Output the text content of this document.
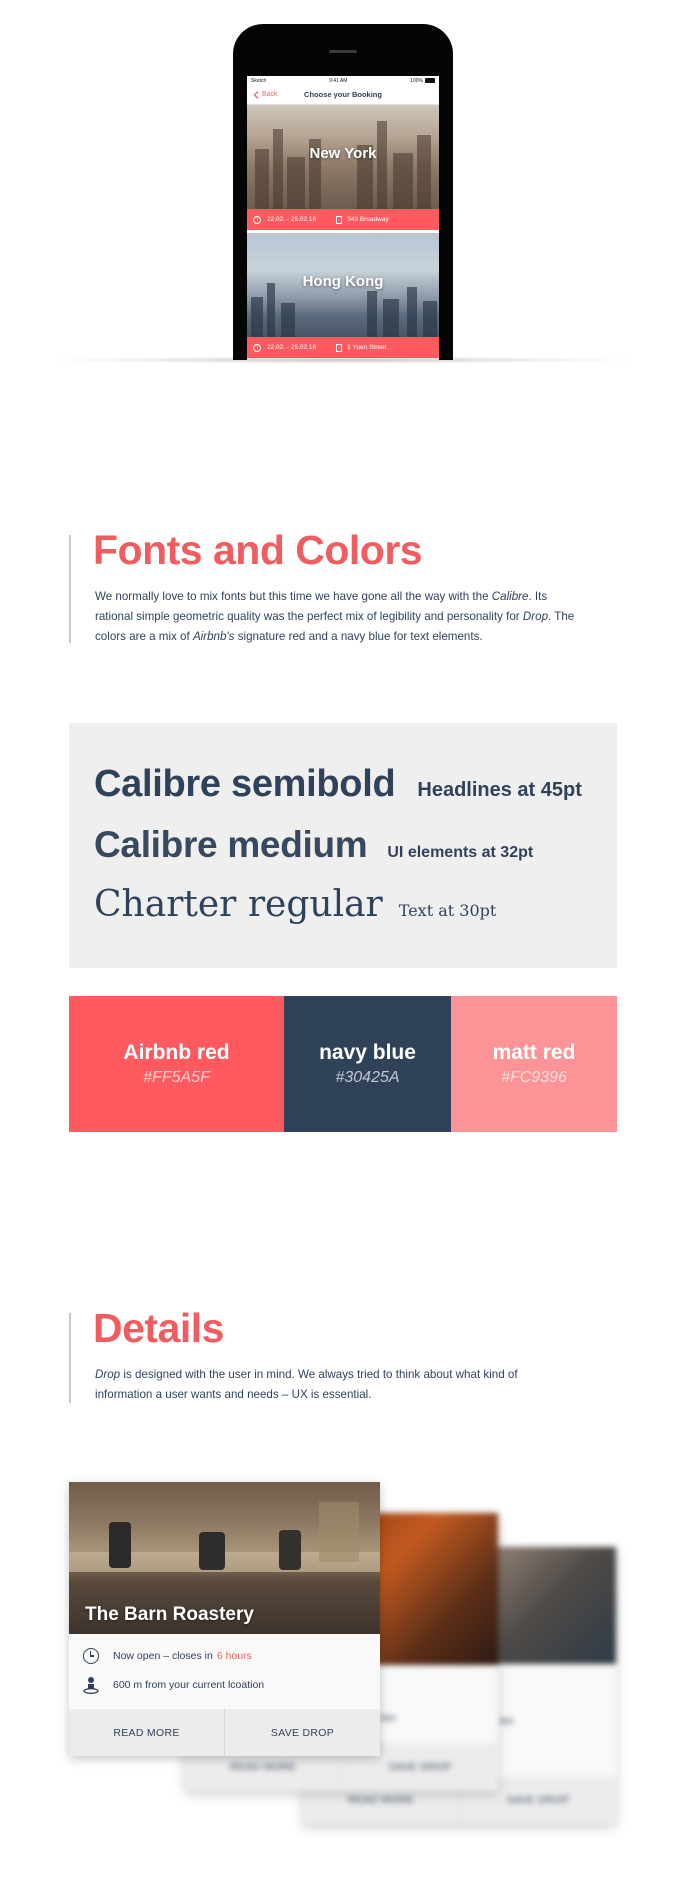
Sketch	9:41 AM	100%
Back	Choose your Booking
New York
22.02. - 25.02.16	343 Broadway
Hong Kong
22.02. - 25.02.16	1 Yuen Street
Fonts and Colors

We normally love to mix fonts but this time we have gone all the way with the Calibre. Its rational simple geometric quality was the perfect mix of legibility and personality for Drop. The colors are a mix of Airbnb's signature red and a navy blue for text elements.

Calibre semibold Headlines at 45pt
Calibre medium UI elements at 32pt
Charter regular Text at 30pt
Airbnb red
#FF5A5F
navy blue
#30425A
matt red
#FC9396
Details

Drop is designed with the user in mind. We always tried to think about what kind of information a user wants and needs – UX is essential.

tion
READ MORE	SAVE DROP
tion
READ MORE	SAVE DROP
The Barn Roastery
Now open – closes in 6 hours
600 m from your current lcoation
READ MORE	SAVE DROP
